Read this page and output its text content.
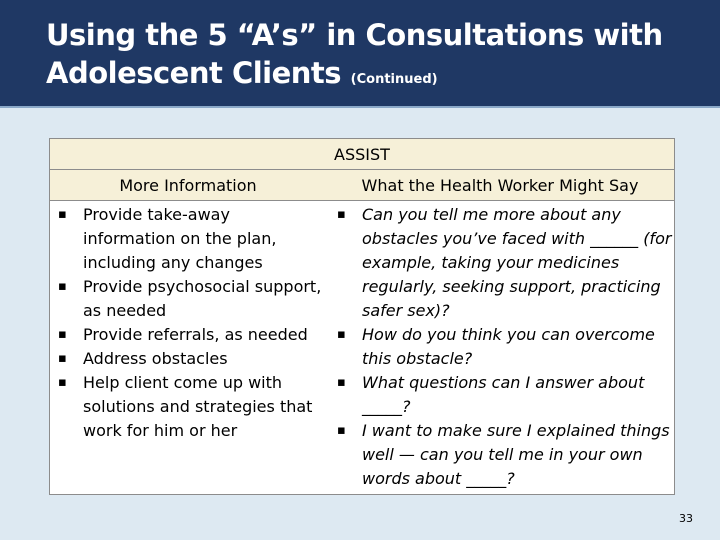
Using the 5 “A’s” in Consultations with Adolescent Clients (Continued)
ASSIST
More Information	What the Health Worker Might Say
▪ Provide take-away information on the plan, including any changes
▪ Provide psychosocial support, as needed
▪ Provide referrals, as needed
▪ Address obstacles
▪ Help client come up with solutions and strategies that work for him or her
▪ Can you tell me more about any obstacles you’ve faced with ______ (for example, taking your medicines regularly, seeking support, practicing safer sex)?
▪ How do you think you can overcome this obstacle?
▪ What questions can I answer about _____?
▪ I want to make sure I explained things well — can you tell me in your own words about _____?
33
